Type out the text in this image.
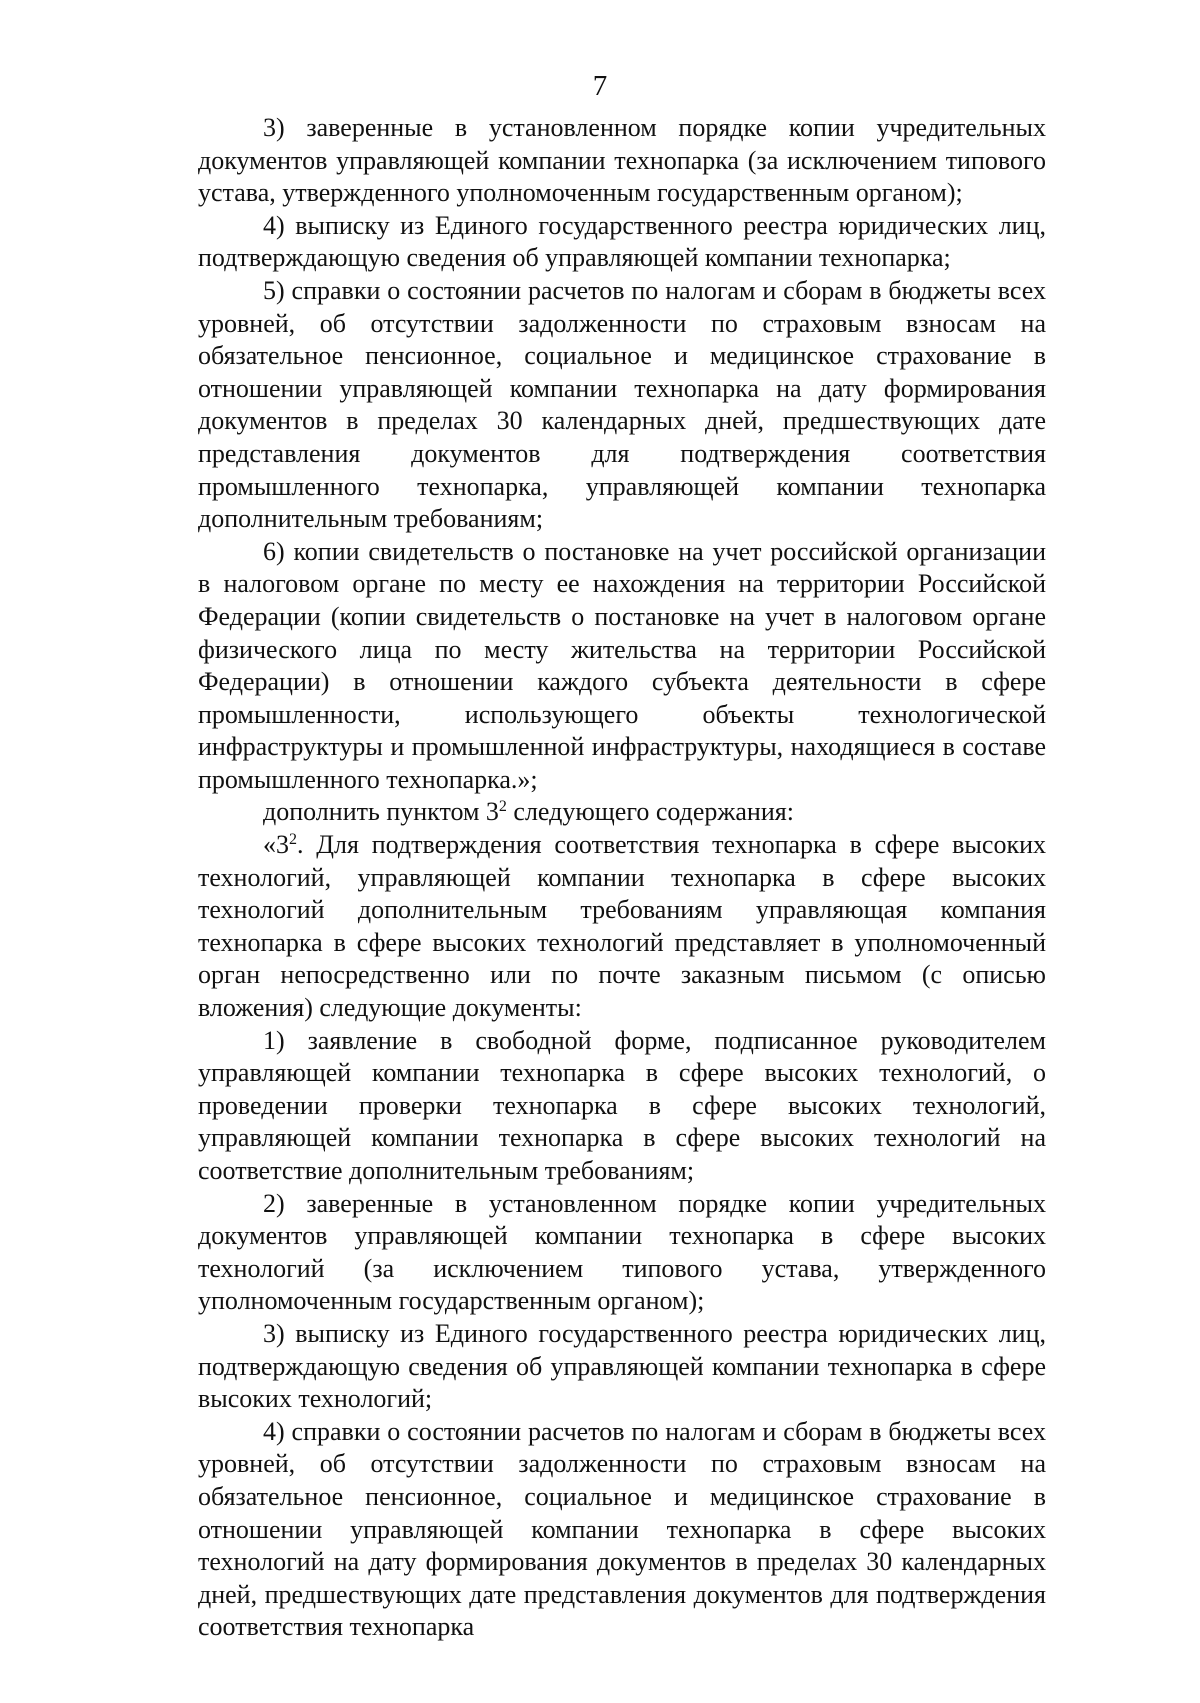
7

3) заверенные в установленном порядке копии учредительных документов управляющей компании технопарка (за исключением типового устава, утвержденного уполномоченным государственным органом);

4) выписку из Единого государственного реестра юридических лиц, подтверждающую сведения об управляющей компании технопарка;

5) справки о состоянии расчетов по налогам и сборам в бюджеты всех уровней, об отсутствии задолженности по страховым взносам на обязательное пенсионное, социальное и медицинское страхование в отношении управляющей компании технопарка на дату формирования документов в пределах 30 календарных дней, предшествующих дате представления документов для подтверждения соответствия промышленного технопарка, управляющей компании технопарка дополнительным требованиям;

6) копии свидетельств о постановке на учет российской организации в налоговом органе по месту ее нахождения на территории Российской Федерации (копии свидетельств о постановке на учет в налоговом органе физического лица по месту жительства на территории Российской Федерации) в отношении каждого субъекта деятельности в сфере промышленности, использующего объекты технологической инфраструктуры и промышленной инфраструктуры, находящиеся в составе промышленного технопарка.»;

дополнить пунктом $3^2$ следующего содержания:

«$3^2$. Для подтверждения соответствия технопарка в сфере высоких технологий, управляющей компании технопарка в сфере высоких технологий дополнительным требованиям управляющая компания технопарка в сфере высоких технологий представляет в уполномоченный орган непосредственно или по почте заказным письмом (с описью вложения) следующие документы:

1) заявление в свободной форме, подписанное руководителем управляющей компании технопарка в сфере высоких технологий, о проведении проверки технопарка в сфере высоких технологий, управляющей компании технопарка в сфере высоких технологий на соответствие дополнительным требованиям;

2) заверенные в установленном порядке копии учредительных документов управляющей компании технопарка в сфере высоких технологий (за исключением типового устава, утвержденного уполномоченным государственным органом);

3) выписку из Единого государственного реестра юридических лиц, подтверждающую сведения об управляющей компании технопарка в сфере высоких технологий;

4) справки о состоянии расчетов по налогам и сборам в бюджеты всех уровней, об отсутствии задолженности по страховым взносам на обязательное пенсионное, социальное и медицинское страхование в отношении управляющей компании технопарка в сфере высоких технологий на дату формирования документов в пределах 30 календарных дней, предшествующих дате представления документов для подтверждения соответствия технопарка
